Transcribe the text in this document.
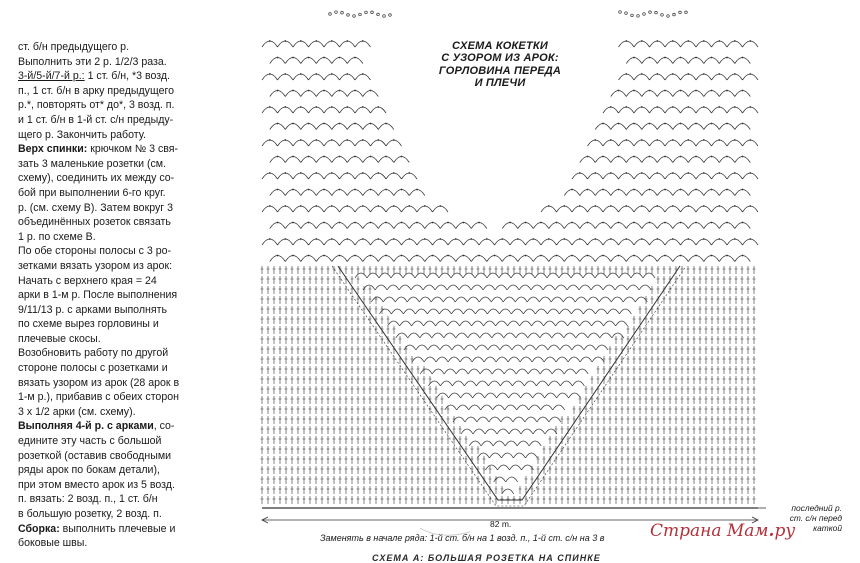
ст. б/н предыдущего р.

Выполнить эти 2 р. 1/2/3 раза.

3-й/5-й/7-й р.: 1 ст. б/н, *3 возд.

п., 1 ст. б/н в арку предыдущего

р.*, повторять от* до*, 3 возд. п.

и 1 ст. б/н в 1-й ст. с/н предыду-

щего р. Закончить работу.

Верх спинки: крючком № 3 свя-

зать 3 маленькие розетки (см.

схему), соединить их между со-

бой при выполнении 6-го круг.

р. (см. схему В). Затем вокруг 3

объединённых розеток связать

1 р. по схеме В.

По обе стороны полосы с 3 ро-

зетками вязать узором из арок:

Начать с верхнего края = 24

арки в 1-м р. После выполнения

9/11/13 р. с арками выполнять

по схеме вырез горловины и

плечевые скосы.

Возобновить работу по другой

стороне полосы с розетками и

вязать узором из арок (28 арок в

1-м р.), прибавив с обеих сторон

3 х 1/2 арки (см. схему).

Выполняя 4-й р. с арками, со-

едините эту часть с большой

розеткой (оставив свободными

ряды арок по бокам детали),

при этом вместо арок из 5 возд.

п. вязать: 2 возд. п., 1 ст. б/н

в большую розетку, 2 возд. п.

Сборка: выполнить плечевые и

боковые швы.

СХЕМА КОКЕТКИ
С УЗОРОМ ИЗ АРОК:
ГОРЛОВИНА ПЕРЕДА
И ПЛЕЧИ
последний р.
ст. с/н перед
каткой
82 m.
Заменять в начале ряда: 1-й ст. б/н на 1 возд. п., 1-й ст. с/н на 3 в
СХЕМА А: БОЛЬШАЯ РОЗЕТКА НА СПИНКЕ
Страна Мам.ру
